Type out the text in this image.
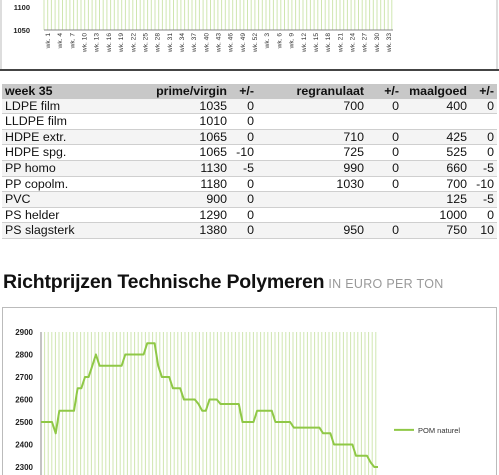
1050
1100
wk. 1 wk. 4 wk. 7 wk. 10 wk. 13 wk. 16 wk. 19 wk. 22 wk. 25 wk. 28 wk. 31 wk. 34 wk. 37 wk. 40 wk. 43 wk. 46 wk. 49 wk. 52 wk. 3 wk. 6 wk. 9 wk. 12 wk. 15 wk. 18 wk. 21 wk. 24 wk. 27 wk. 30 wk. 33
week 35	prime/virgin	+/-	regranulaat	+/-	maalgoed	+/-
LDPE film	1035	0	700	0	400	0
LLDPE film	1010	0				
HDPE extr.	1065	0	710	0	425	0
HDPE spg.	1065	-10	725	0	525	0
PP homo	1130	-5	990	0	660	-5
PP copolm.	1180	0	1030	0	700	-10
PVC	900	0			125	-5
PS helder	1290	0			1000	0
PS slagsterk	1380	0	950	0	750	10
Richtprijzen Technische Polymeren IN EURO PER TON
2300
2400
2500
2600
2700
2800
2900
POM naturel
